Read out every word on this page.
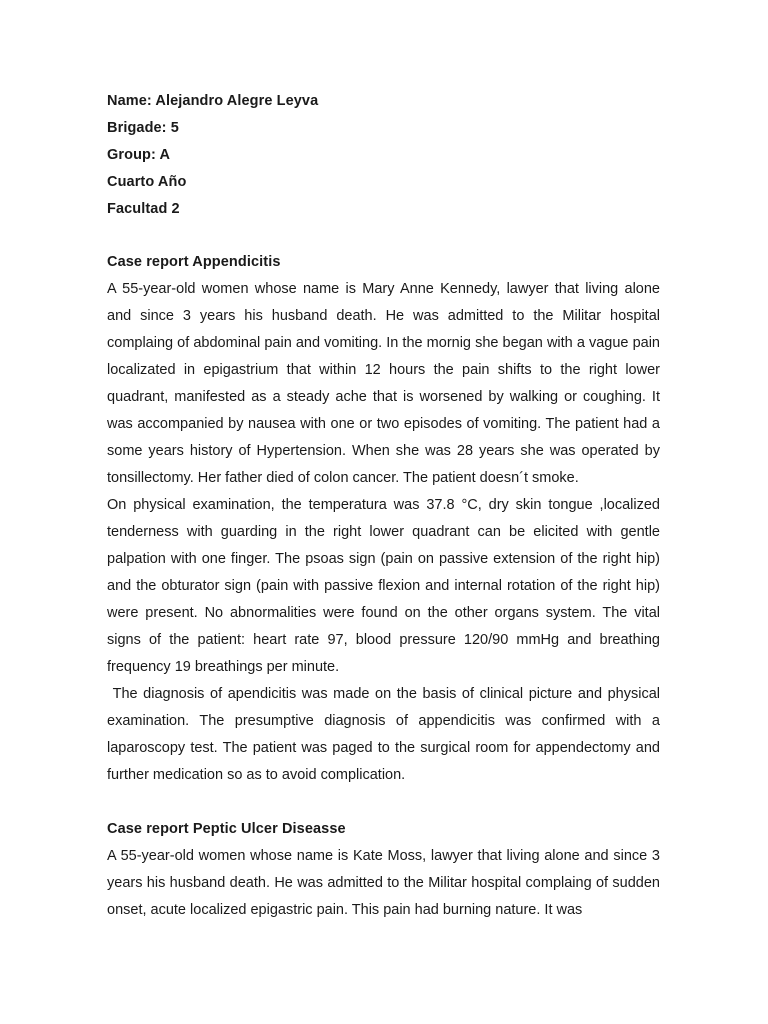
Name: Alejandro Alegre Leyva
Brigade: 5
Group: A
Cuarto Año
Facultad 2
Case report Appendicitis

A 55-year-old women whose name is Mary Anne Kennedy, lawyer that living alone and since 3 years his husband death. He was admitted to the Militar hospital complaing of abdominal pain and vomiting. In the mornig she began with a vague pain localizated in epigastrium that within 12 hours the pain shifts to the right lower quadrant, manifested as a steady ache that is worsened by walking or coughing. It was accompanied by nausea with one or two episodes of vomiting. The patient had a some years history of Hypertension. When she was 28 years she was operated by tonsillectomy. Her father died of colon cancer. The patient doesn´t smoke.

On physical examination, the temperatura was 37.8 °C, dry skin tongue ,localized tenderness with guarding in the right lower quadrant can be elicited with gentle palpation with one finger. The psoas sign (pain on passive extension of the right hip) and the obturator sign (pain with passive flexion and internal rotation of the right hip) were present. No abnormalities were found on the other organs system. The vital signs of the patient: heart rate 97, blood pressure 120/90 mmHg and breathing frequency 19 breathings per minute.

The diagnosis of apendicitis was made on the basis of clinical picture and physical examination. The presumptive diagnosis of appendicitis was confirmed with a laparoscopy test. The patient was paged to the surgical room for appendectomy and further medication so as to avoid complication.

Case report Peptic Ulcer Diseasse

A 55-year-old women whose name is Kate Moss, lawyer that living alone and since 3 years his husband death. He was admitted to the Militar hospital complaing of sudden onset, acute localized epigastric pain. This pain had burning nature. It was
